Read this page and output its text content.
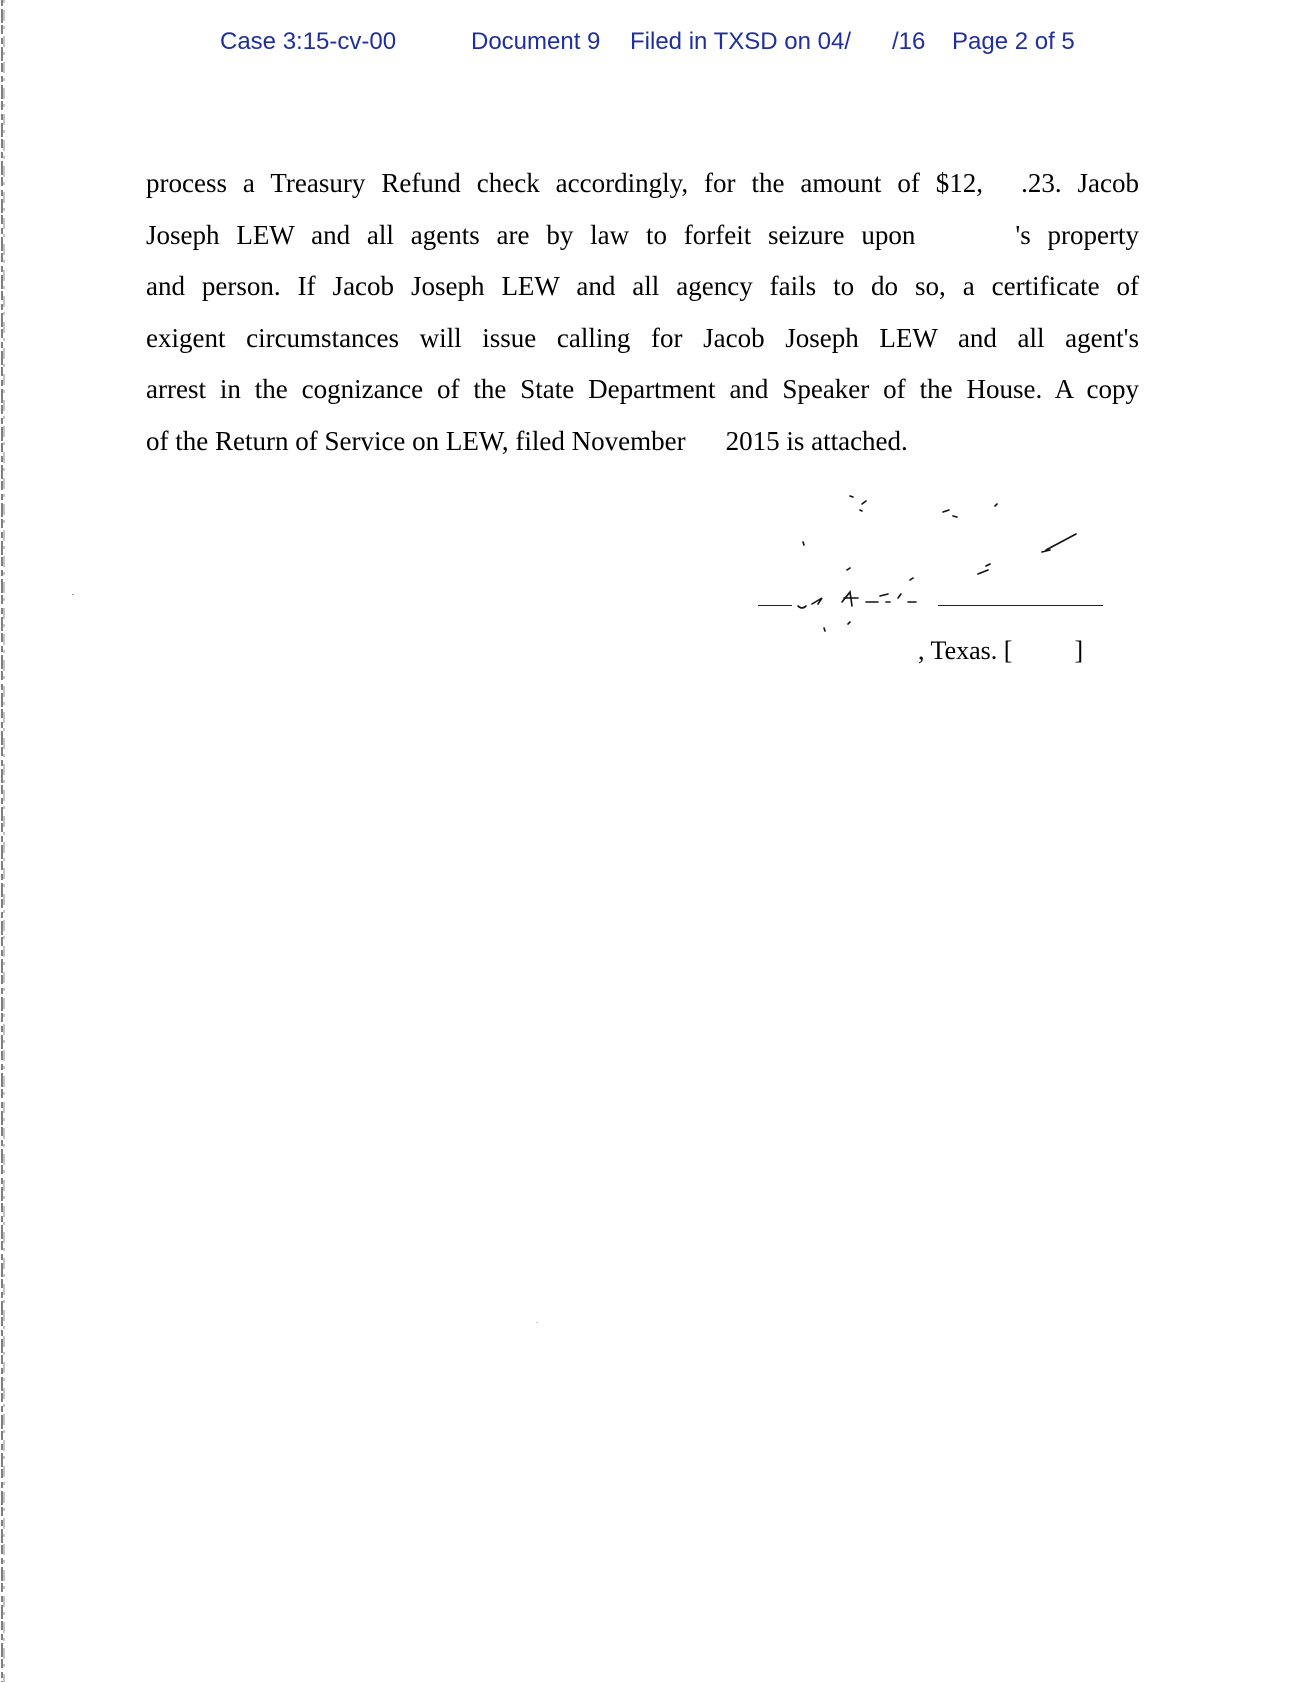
Case 3:15-cv-00	Document 9 Filed in TXSD on 04/ /16 Page 2 of 5
process a Treasury Refund check accordingly, for the amount of $12, .23. Jacob
Joseph LEW and all agents are by law to forfeit seizure upon	's property
and person. If Jacob Joseph LEW and all agency fails to do so, a certificate of
exigent circumstances will issue calling for Jacob Joseph LEW and all agent's
arrest in the cognizance of the State Department and Speaker of the House. A copy
of the Return of Service on LEW, filed November 2015 is attached.
, Texas. [ ]
